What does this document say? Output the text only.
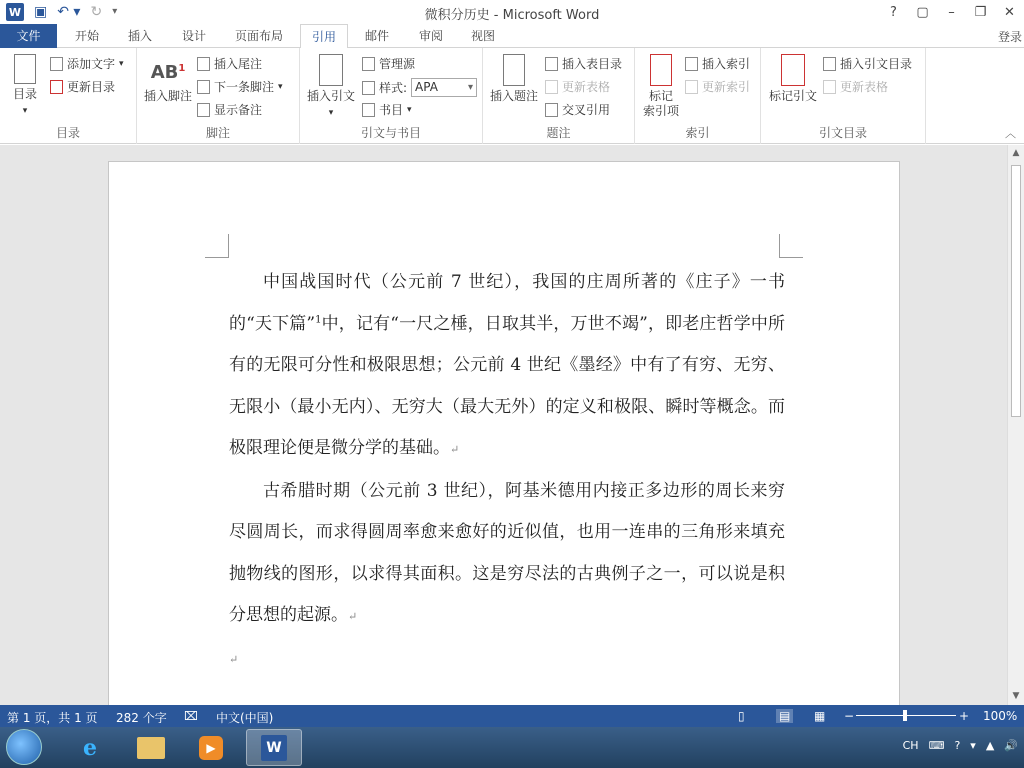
W ▣ ↶ ▾ ↻ ▾	微积分历史 - Microsoft Word	?	▢	–	❐	✕
文件	开始	插入	设计	页面布局	引用	邮件	审阅	视图	登录
目录
▾
添加文字 ▾
更新目录
目录
$AB^1$
插入脚注
插入尾注
下一条脚注 ▾
显示备注
脚注
插入引文
▾
管理源
样式: APA ▾
书目 ▾
引文与书目
插入题注
插入表目录
更新表格
交叉引用
题注
标记
索引项
插入索引
更新索引
索引
标记引文
插入引文目录
更新表格
引文目录	︿

中国战国时代（公元前 7 世纪），我国的庄周所著的《庄子》一书的“天下篇”$^1$中，记有“一尺之棰，日取其半，万世不竭”，即老庄哲学中所有的无限可分性和极限思想；公元前 4 世纪《墨经》中有了有穷、无穷、无限小（最小无内）、无穷大（最大无外）的定义和极限、瞬时等概念。而极限理论便是微分学的基础。↵

古希腊时期（公元前 3 世纪），阿基米德用内接正多边形的周长来穷尽圆周长，而求得圆周率愈来愈好的近似值，也用一连串的三角形来填充抛物线的图形，以求得其面积。这是穷尽法的古典例子之一，可以说是积分思想的起源。↵

↵

▲
▼
第 1 页，共 1 页 282 个字 ⌧ 中文(中国)	▯	▤ ▦ −	+ 100%
e	▶	W	CH ⌨ ? ▾ ▲ 🔊
